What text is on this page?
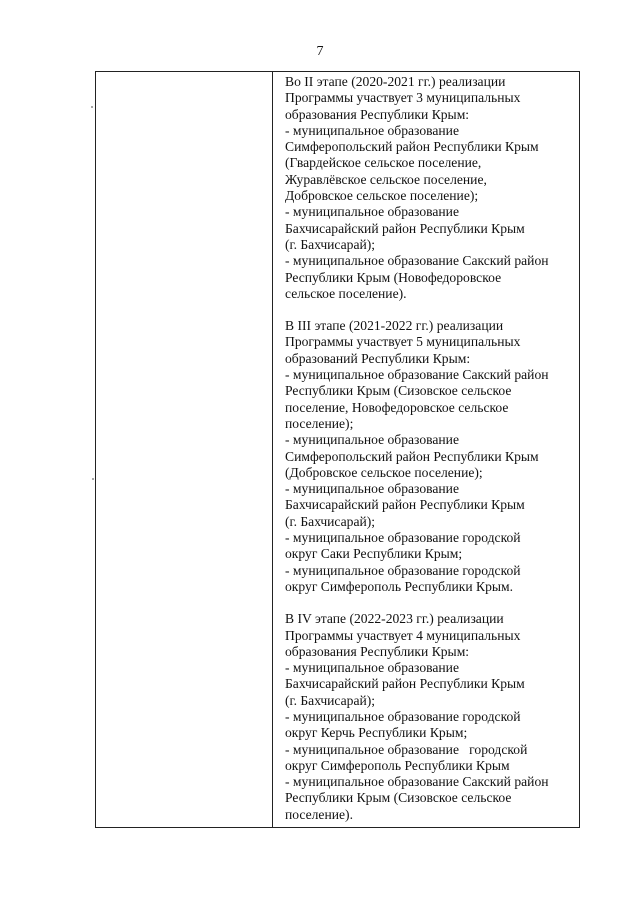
7

Во II этапе (2020-2021 гг.) реализации

Программы участвует 3 муниципальных

образования Республики Крым:

- муниципальное образование

Симферопольский район Республики Крым

(Гвардейское сельское поселение,

Журавлёвское сельское поселение,

Добровское сельское поселение);

- муниципальное образование

Бахчисарайский район Республики Крым

(г. Бахчисарай);

- муниципальное образование Сакский район

Республики Крым (Новофедоровское

сельское поселение).

В III этапе (2021-2022 гг.) реализации

Программы участвует 5 муниципальных

образований Республики Крым:

- муниципальное образование Сакский район

Республики Крым (Сизовское сельское

поселение, Новофедоровское сельское

поселение);

- муниципальное образование

Симферопольский район Республики Крым

(Добровское сельское поселение);

- муниципальное образование

Бахчисарайский район Республики Крым

(г. Бахчисарай);

- муниципальное образование городской

округ Саки Республики Крым;

- муниципальное образование городской

округ Симферополь Республики Крым.

В IV этапе (2022-2023 гг.) реализации

Программы участвует 4 муниципальных

образования Республики Крым:

- муниципальное образование

Бахчисарайский район Республики Крым

(г. Бахчисарай);

- муниципальное образование городской

округ Керчь Республики Крым;

- муниципальное образование   городской

округ Симферополь Республики Крым

- муниципальное образование Сакский район

Республики Крым (Сизовское сельское

поселение).
